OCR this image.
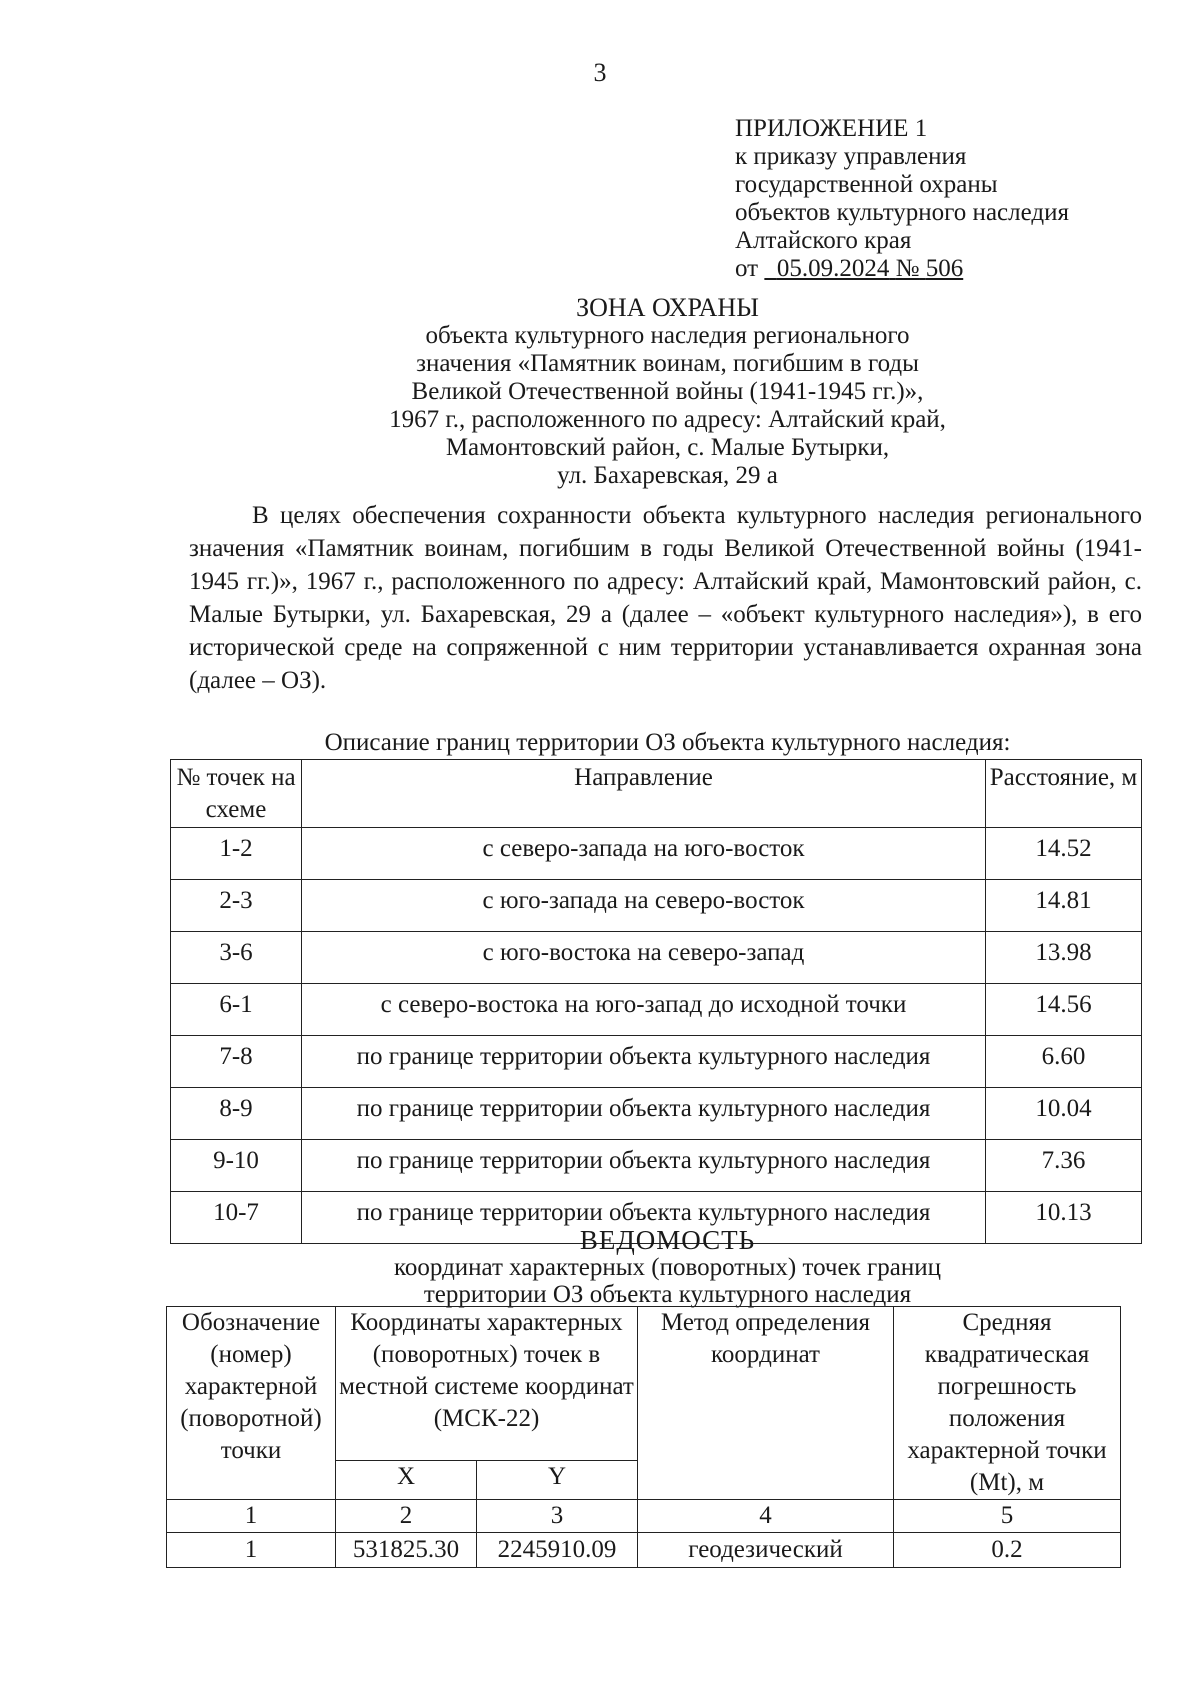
3
ПРИЛОЖЕНИЕ 1
к приказу управления
государственной охраны
объектов культурного наследия
Алтайского края
от 05.09.2024 № 506
ЗОНА ОХРАНЫ
объекта культурного наследия регионального
значения «Памятник воинам, погибшим в годы
Великой Отечественной войны (1941-1945 гг.)»,
1967 г., расположенного по адресу: Алтайский край,
Мамонтовский район, с. Малые Бутырки,
ул. Бахаревская, 29 а
В целях обеспечения сохранности объекта культурного наследия регионального значения «Памятник воинам, погибшим в годы Великой Отечественной войны (1941-1945 гг.)», 1967 г., расположенного по адресу: Алтайский край, Мамонтовский район, с. Малые Бутырки, ул. Бахаревская, 29 а (далее – «объект культурного наследия»), в его исторической среде на сопряженной с ним территории устанавливается охранная зона (далее – ОЗ).
Описание границ территории ОЗ объекта культурного наследия:
№ точек на схеме	Направление	Расстояние, м
1-2	с северо-запада на юго-восток	14.52
2-3	с юго-запада на северо-восток	14.81
3-6	с юго-востока на северо-запад	13.98
6-1	с северо-востока на юго-запад до исходной точки	14.56
7-8	по границе территории объекта культурного наследия	6.60
8-9	по границе территории объекта культурного наследия	10.04
9-10	по границе территории объекта культурного наследия	7.36
10-7	по границе территории объекта культурного наследия	10.13
ВЕДОМОСТЬ
координат характерных (поворотных) точек границ
территории ОЗ объекта культурного наследия
Обозначение (номер) характерной (поворотной) точки	Координаты характерных (поворотных) точек в местной системе координат (МСК-22)		Метод определения координат	Средняя квадратическая погрешность положения характерной точки (Mt), м
	X	Y		
1	2	3	4	5
1	531825.30	2245910.09	геодезический	0.2
